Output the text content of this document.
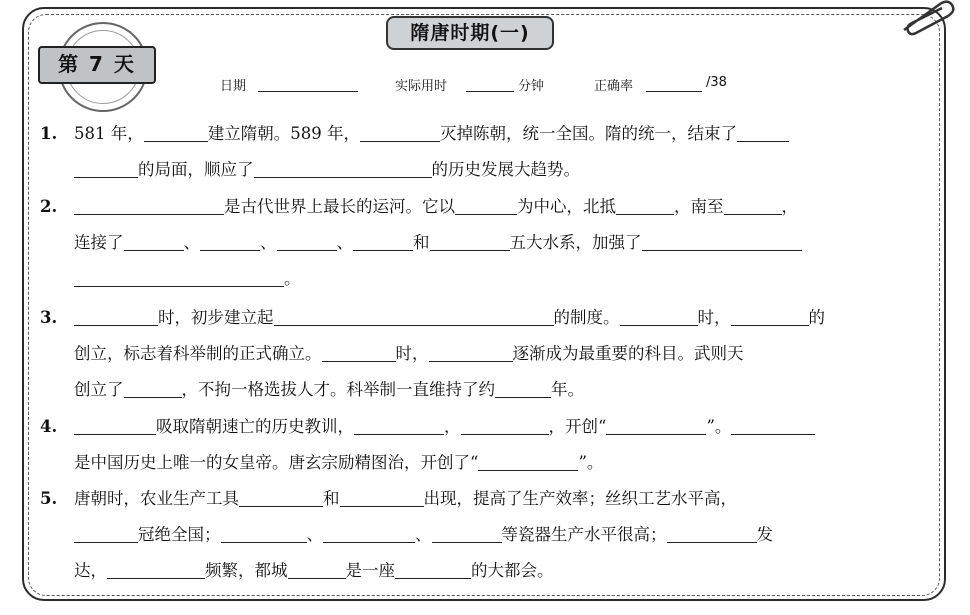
隋唐时期(一)
第 7 天
日期	实际用时	分钟	正确率	/38
1. 581 年，	建立隋朝。589 年，	灭掉陈朝，统一全国。隋的统一，结束了
的局面，顺应了	的历史发展大趋势。
2.	是古代世界上最长的运河。它以	为中心，北抵	，南至	，
连接了	、	、	、	和	五大水系，加强了
。
3.	时，初步建立起	的制度。	时，	的
创立，标志着科举制的正式确立。	时，	逐渐成为最重要的科目。武则天
创立了	，不拘一格选拔人才。科举制一直维持了约	年。
4.	吸取隋朝速亡的历史教训，	，	，开创“	”。
是中国历史上唯一的女皇帝。唐玄宗励精图治，开创了“	”。
5. 唐朝时，农业生产工具	和	出现，提高了生产效率；丝织工艺水平高，
冠绝全国；	、	、	等瓷器生产水平很高；	发
达，	频繁，都城	是一座	的大都会。
